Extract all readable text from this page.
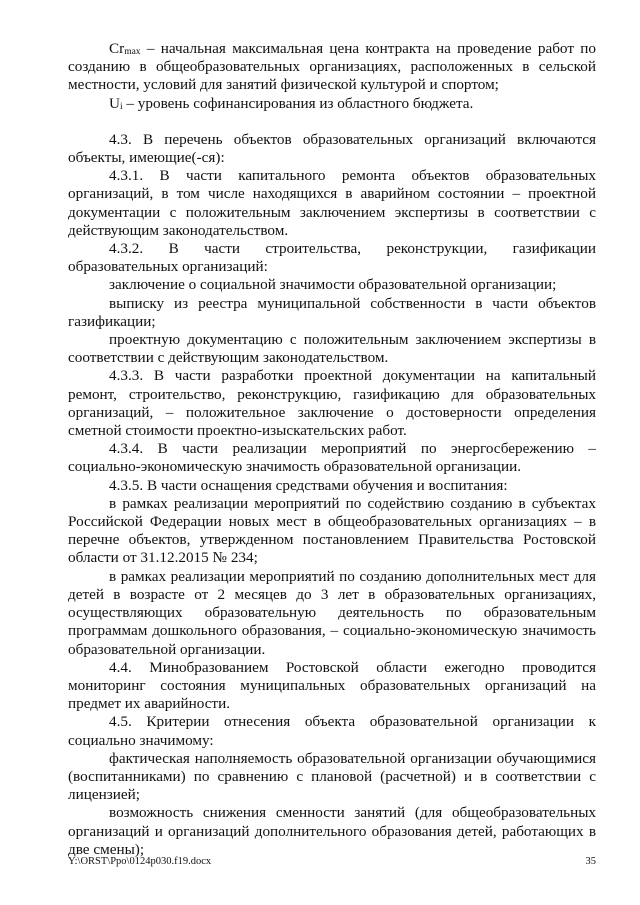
$Cr_{max}$ – начальная максимальная цена контракта на проведение работ по созданию в общеобразовательных организациях, расположенных в сельской местности, условий для занятий физической культурой и спортом;

$U_i$ – уровень софинансирования из областного бюджета.

4.3. В перечень объектов образовательных организаций включаются объекты, имеющие(-ся):

4.3.1. В части капитального ремонта объектов образовательных организаций, в том числе находящихся в аварийном состоянии – проектной документации с положительным заключением экспертизы в соответствии с действующим законодательством.

4.3.2. В части строительства, реконструкции, газификации образовательных организаций:

заключение о социальной значимости образовательной организации;

выписку из реестра муниципальной собственности в части объектов газификации;

проектную документацию с положительным заключением экспертизы в соответствии с действующим законодательством.

4.3.3. В части разработки проектной документации на капитальный ремонт, строительство, реконструкцию, газификацию для образовательных организаций, – положительное заключение о достоверности определения сметной стоимости проектно-изыскательских работ.

4.3.4. В части реализации мероприятий по энергосбережению – социально-экономическую значимость образовательной организации.

4.3.5. В части оснащения средствами обучения и воспитания:

в рамках реализации мероприятий по содействию созданию в субъектах Российской Федерации новых мест в общеобразовательных организациях – в перечне объектов, утвержденном постановлением Правительства Ростовской области от 31.12.2015 № 234;

в рамках реализации мероприятий по созданию дополнительных мест для детей в возрасте от 2 месяцев до 3 лет в образовательных организациях, осуществляющих образовательную деятельность по образовательным программам дошкольного образования, – социально-экономическую значимость образовательной организации.

4.4. Минобразованием Ростовской области ежегодно проводится мониторинг состояния муниципальных образовательных организаций на предмет их аварийности.

4.5. Критерии отнесения объекта образовательной организации к социально значимому:

фактическая наполняемость образовательной организации обучающимися (воспитанниками) по сравнению с плановой (расчетной) и в соответствии с лицензией;

возможность снижения сменности занятий (для общеобразовательных организаций и организаций дополнительного образования детей, работающих в две смены);

Y:\ORST\Ppo\0124p030.f19.docx	35
